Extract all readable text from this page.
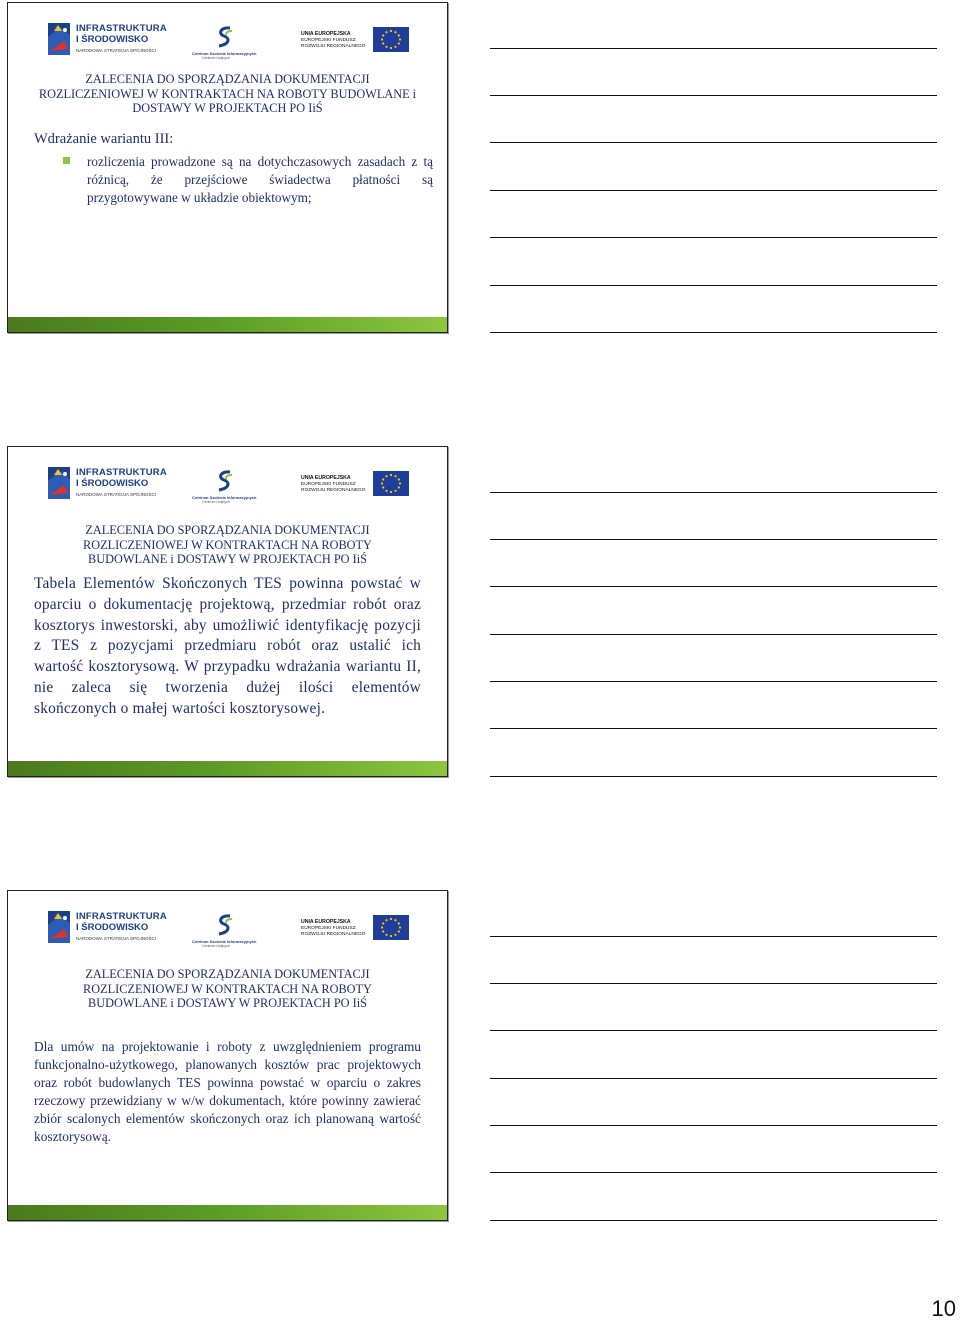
INFRASTRUKTURA
I ŚRODOWISKO
NARODOWA STRATEGIA SPÓJNOŚCI
Centrum Szolenia Informacyjnych
Centrum Unijnych
UNIA EUROPEJSKA
EUROPEJSKI FUNDUSZ
ROZWOJU REGIONALNEGO
ZALECENIA DO SPORZĄDZANIA DOKUMENTACJI
ROZLICZENIOWEJ W KONTRAKTACH NA ROBOTY BUDOWLANE i
DOSTAWY W PROJEKTACH PO IiŚ
Wdrażanie wariantu III:
rozliczenia prowadzone są na dotychczasowych zasadach z tą różnicą, że przejściowe świadectwa płatności są przygotowywane w układzie obiektowym;
INFRASTRUKTURA
I ŚRODOWISKO
NARODOWA STRATEGIA SPÓJNOŚCI
Centrum Szolenia Informacyjnych
Centrum Unijnych
UNIA EUROPEJSKA
EUROPEJSKI FUNDUSZ
ROZWOJU REGIONALNEGO
ZALECENIA DO SPORZĄDZANIA DOKUMENTACJI
ROZLICZENIOWEJ W KONTRAKTACH NA ROBOTY
BUDOWLANE i DOSTAWY W PROJEKTACH PO IiŚ
Tabela Elementów Skończonych TES powinna powstać w oparciu o dokumentację projektową, przedmiar robót oraz kosztorys inwestorski, aby umożliwić identyfikację pozycji z TES z pozycjami przedmiaru robót oraz ustalić ich wartość kosztorysową. W przypadku wdrażania wariantu II, nie zaleca się tworzenia dużej ilości elementów skończonych o małej wartości kosztorysowej.
INFRASTRUKTURA
I ŚRODOWISKO
NARODOWA STRATEGIA SPÓJNOŚCI
Centrum Szolenia Informacyjnych
Centrum Unijnych
UNIA EUROPEJSKA
EUROPEJSKI FUNDUSZ
ROZWOJU REGIONALNEGO
ZALECENIA DO SPORZĄDZANIA DOKUMENTACJI
ROZLICZENIOWEJ W KONTRAKTACH NA ROBOTY
BUDOWLANE i DOSTAWY W PROJEKTACH PO IiŚ
Dla umów na projektowanie i roboty z uwzględnieniem programu funkcjonalno-użytkowego, planowanych kosztów prac projektowych oraz robót budowlanych TES powinna powstać w oparciu o zakres rzeczowy przewidziany w w/w dokumentach, które powinny zawierać zbiór scalonych elementów skończonych oraz ich planowaną wartość kosztorysową.
10
